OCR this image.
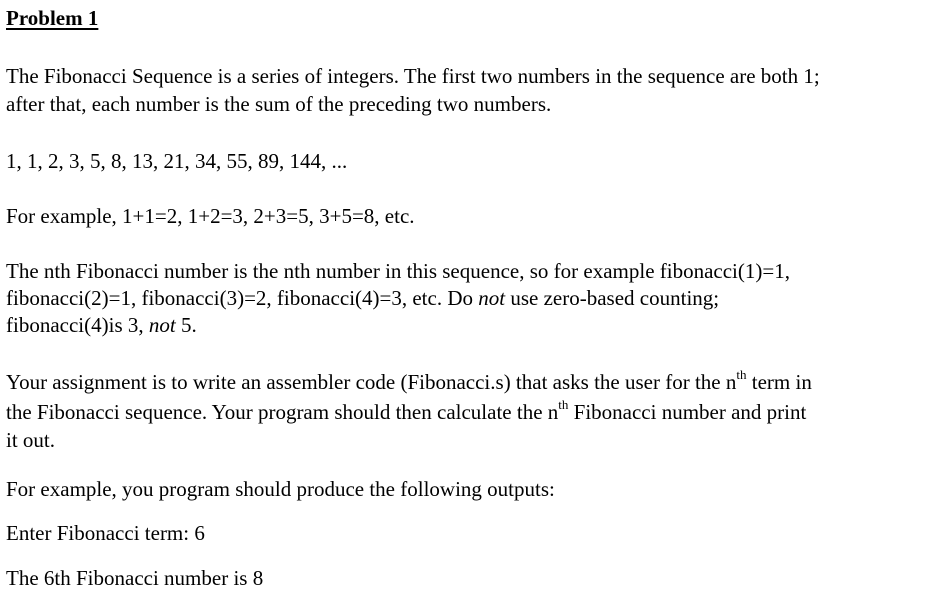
Problem 1
The Fibonacci Sequence is a series of integers. The first two numbers in the sequence are both 1;
after that, each number is the sum of the preceding two numbers.
1, 1, 2, 3, 5, 8, 13, 21, 34, 55, 89, 144, ...
For example, 1+1=2, 1+2=3, 2+3=5, 3+5=8, etc.
The nth Fibonacci number is the nth number in this sequence, so for example fibonacci(1)=1,
fibonacci(2)=1, fibonacci(3)=2, fibonacci(4)=3, etc. Do not use zero-based counting;
fibonacci(4)is 3, not 5.
Your assignment is to write an assembler code (Fibonacci.s) that asks the user for the $n^{th}$ term in
the Fibonacci sequence. Your program should then calculate the $n^{th}$ Fibonacci number and print
it out.
For example, you program should produce the following outputs:
Enter Fibonacci term: 6
The 6th Fibonacci number is 8
